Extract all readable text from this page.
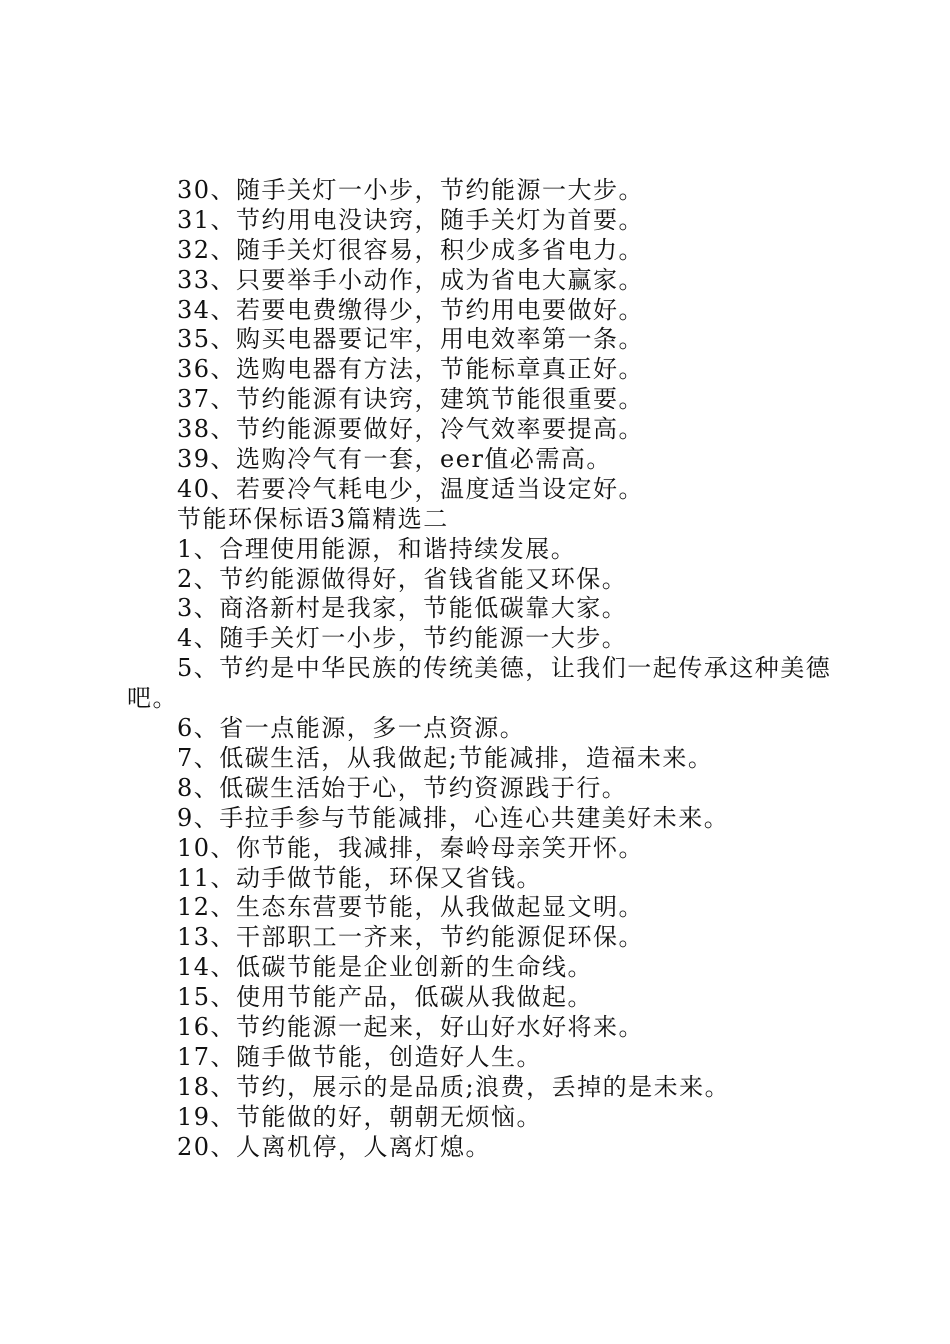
30、随手关灯一小步，节约能源一大步。
31、节约用电没诀窍，随手关灯为首要。
32、随手关灯很容易，积少成多省电力。
33、只要举手小动作，成为省电大赢家。
34、若要电费缴得少，节约用电要做好。
35、购买电器要记牢，用电效率第一条。
36、选购电器有方法，节能标章真正好。
37、节约能源有诀窍，建筑节能很重要。
38、节约能源要做好，冷气效率要提高。
39、选购冷气有一套，eer值必需高。
40、若要冷气耗电少，温度适当设定好。
节能环保标语3篇精选二
1、合理使用能源，和谐持续发展。
2、节约能源做得好，省钱省能又环保。
3、商洛新村是我家，节能低碳靠大家。
4、随手关灯一小步，节约能源一大步。
5、节约是中华民族的传统美德，让我们一起传承这种美德吧。
6、省一点能源，多一点资源。
7、低碳生活，从我做起;节能减排，造福未来。
8、低碳生活始于心，节约资源践于行。
9、手拉手参与节能减排，心连心共建美好未来。
10、你节能，我减排，秦岭母亲笑开怀。
11、动手做节能，环保又省钱。
12、生态东营要节能，从我做起显文明。
13、干部职工一齐来，节约能源促环保。
14、低碳节能是企业创新的生命线。
15、使用节能产品，低碳从我做起。
16、节约能源一起来，好山好水好将来。
17、随手做节能，创造好人生。
18、节约，展示的是品质;浪费，丢掉的是未来。
19、节能做的好，朝朝无烦恼。
20、人离机停，人离灯熄。
